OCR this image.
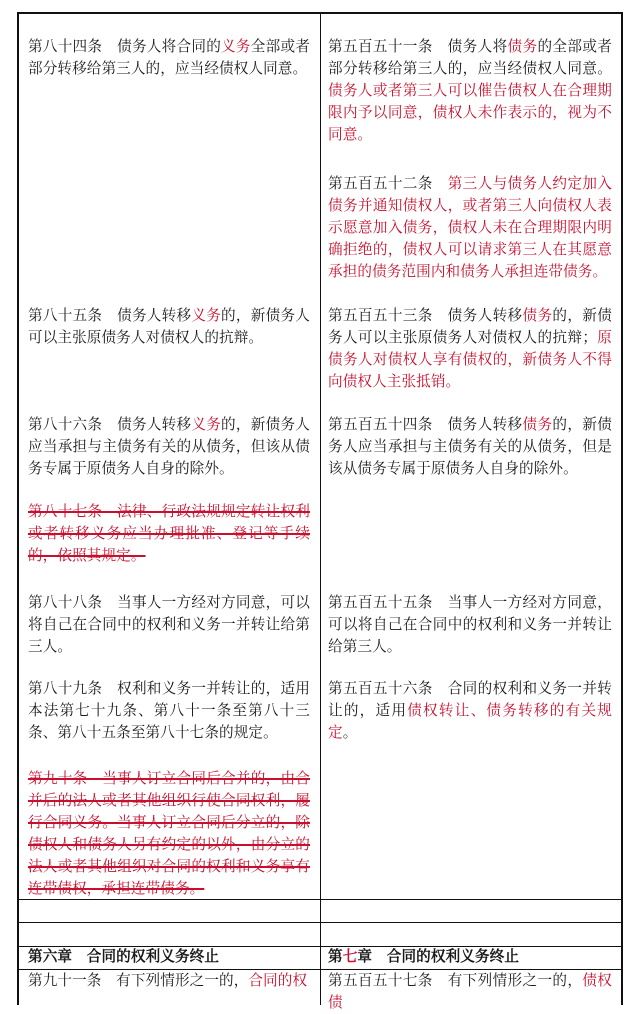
第八十四条　债务人将合同的义务全部或者部分转移给第三人的，应当经债权人同意。
第八十五条　债务人转移义务的，新债务人可以主张原债务人对债权人的抗辩。
第八十六条　债务人转移义务的，新债务人应当承担与主债务有关的从债务，但该从债务专属于原债务人自身的除外。
第八十七条　法律、行政法规规定转让权利或者转移义务应当办理批准、登记等手续的，依照其规定。
第八十八条　当事人一方经对方同意，可以将自己在合同中的权利和义务一并转让给第三人。
第八十九条　权利和义务一并转让的，适用本法第七十九条、第八十一条至第八十三条、第八十五条至第八十七条的规定。
第九十条　当事人订立合同后合并的，由合并后的法人或者其他组织行使合同权利，履行合同义务。当事人订立合同后分立的，除债权人和债务人另有约定的以外，由分立的法人或者其他组织对合同的权利和义务享有连带债权，承担连带债务。
第六章　合同的权利义务终止
第九十一条　有下列情形之一的，合同的权
第五百五十一条　债务人将债务的全部或者部分转移给第三人的，应当经债权人同意。债务人或者第三人可以催告债权人在合理期限内予以同意，债权人未作表示的，视为不同意。
第五百五十二条　第三人与债务人约定加入债务并通知债权人，或者第三人向债权人表示愿意加入债务，债权人未在合理期限内明确拒绝的，债权人可以请求第三人在其愿意承担的债务范围内和债务人承担连带债务。
第五百五十三条　债务人转移债务的，新债务人可以主张原债务人对债权人的抗辩；原债务人对债权人享有债权的，新债务人不得向债权人主张抵销。
第五百五十四条　债务人转移债务的，新债务人应当承担与主债务有关的从债务，但是该从债务专属于原债务人自身的除外。
第五百五十五条　当事人一方经对方同意，可以将自己在合同中的权利和义务一并转让给第三人。
第五百五十六条　合同的权利和义务一并转让的，适用债权转让、债务转移的有关规定。
第七章　合同的权利义务终止
第五百五十七条　有下列情形之一的，债权债
